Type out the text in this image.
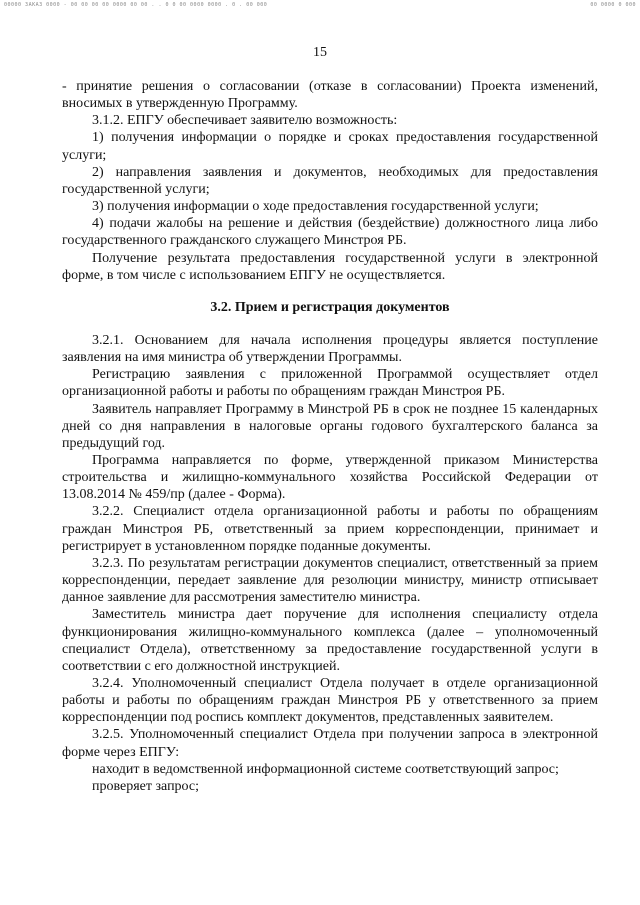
00000 ЗАКАЗ 0000 - 00 00 00 00 0000 00 00 . . 0 0 00 0000 0000 . 0 . 00 000	00 0000 0 000
15

- принятие решения о согласовании (отказе в согласовании) Проекта изменений, вносимых в утвержденную Программу.

3.1.2. ЕПГУ обеспечивает заявителю возможность:

1) получения информации о порядке и сроках предоставления государственной услуги;

2) направления заявления и документов, необходимых для предоставления государственной услуги;

3) получения информации о ходе предоставления государственной услуги;

4) подачи жалобы на решение и действия (бездействие) должностного лица либо государственного гражданского служащего Минстроя РБ.

Получение результата предоставления государственной услуги в электронной форме, в том числе с использованием ЕПГУ не осуществляется.

3.2. Прием и регистрация документов

3.2.1. Основанием для начала исполнения процедуры является поступление заявления на имя министра об утверждении Программы.

Регистрацию заявления с приложенной Программой осуществляет отдел организационной работы и работы по обращениям граждан Минстроя РБ.

Заявитель направляет Программу в Минстрой РБ в срок не позднее 15 календарных дней со дня направления в налоговые органы годового бухгалтерского баланса за предыдущий год.

Программа направляется по форме, утвержденной приказом Министерства строительства и жилищно-коммунального хозяйства Российской Федерации от 13.08.2014 № 459/пр (далее - Форма).

3.2.2. Специалист отдела организационной работы и работы по обращениям граждан Минстроя РБ, ответственный за прием корреспонденции, принимает и регистрирует в установленном порядке поданные документы.

3.2.3. По результатам регистрации документов специалист, ответственный за прием корреспонденции, передает заявление для резолюции министру, министр отписывает данное заявление для рассмотрения заместителю министра.

Заместитель министра дает поручение для исполнения специалисту отдела функционирования жилищно-коммунального комплекса (далее – уполномоченный специалист Отдела), ответственному за предоставление государственной услуги в соответствии с его должностной инструкцией.

3.2.4. Уполномоченный специалист Отдела получает в отделе организационной работы и работы по обращениям граждан Минстроя РБ у ответственного за прием корреспонденции под роспись комплект документов, представленных заявителем.

3.2.5. Уполномоченный специалист Отдела при получении запроса в электронной форме через ЕПГУ:

находит в ведомственной информационной системе соответствующий запрос;

проверяет запрос;
